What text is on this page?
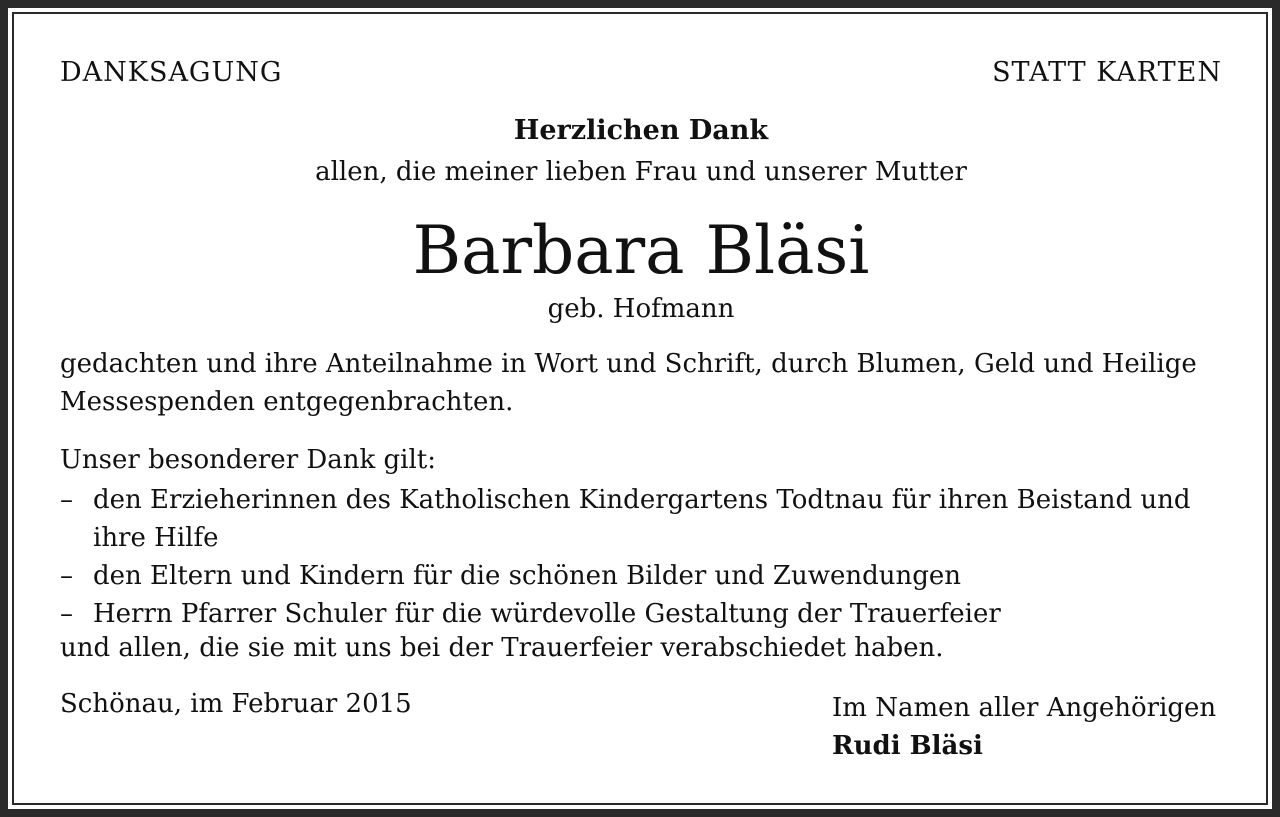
DANKSAGUNG	STATT KARTEN
Herzlichen Dank
allen, die meiner lieben Frau und unserer Mutter
Barbara Bläsi
geb. Hofmann
gedachten und ihre Anteilnahme in Wort und Schrift, durch Blumen, Geld und Heilige
Messespenden entgegenbrachten.
Unser besonderer Dank gilt:
– den Erzieherinnen des Katholischen Kindergartens Todtnau für ihren Beistand und
ihre Hilfe
– den Eltern und Kindern für die schönen Bilder und Zuwendungen
– Herrn Pfarrer Schuler für die würdevolle Gestaltung der Trauerfeier
und allen, die sie mit uns bei der Trauerfeier verabschiedet haben.
Schönau, im Februar 2015	Im Namen aller Angehörigen
Rudi Bläsi
